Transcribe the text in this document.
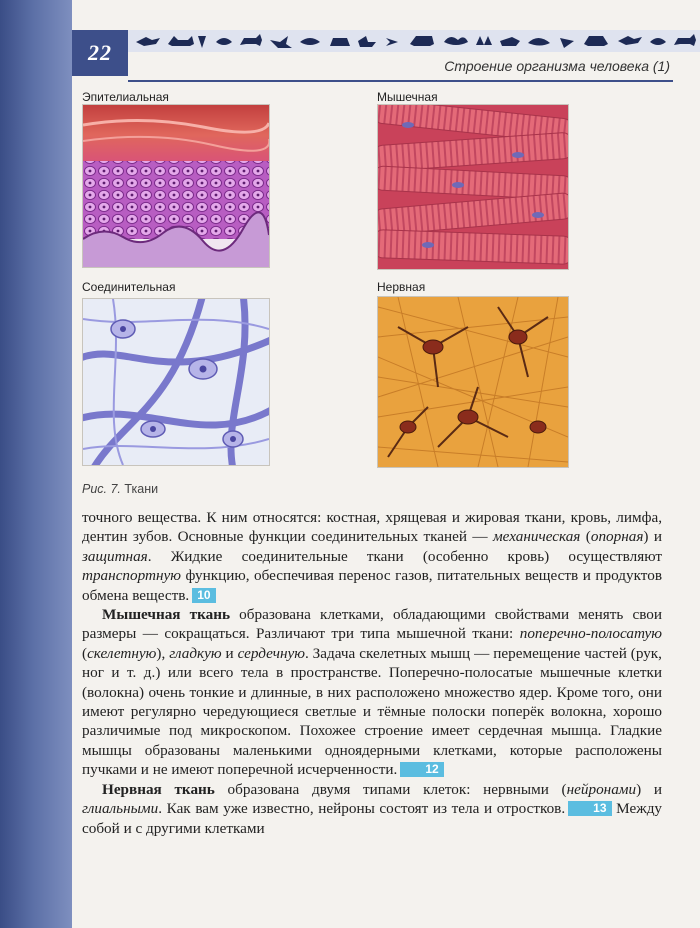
22
Строение организма человека (1)
Эпителиальная	Мышечная
Соединительная	Нервная
Рис. 7. Ткани

точного вещества. К ним относятся: костная, хрящевая и жировая ткани, кровь, лимфа, дентин зубов. Основные функции соединительных тканей — механическая (опорная) и защитная. Жидкие соединительные ткани (особенно кровь) осуществляют транспортную функцию, обеспечивая перенос газов, питательных веществ и продуктов обмена веществ. 10

Мышечная ткань образована клетками, обладающими свойствами менять свои размеры — сокращаться. Различают три типа мышечной ткани: поперечно-полосатую (скелетную), гладкую и сердечную. Задача скелетных мышц — перемещение частей (рук, ног и т. д.) или всего тела в пространстве. Поперечно-полосатые мышечные клетки (волокна) очень тонкие и длинные, в них расположено множество ядер. Кроме того, они имеют регулярно чередующиеся светлые и тёмные полоски поперёк волокна, хорошо различимые под микроскопом. Похожее строение имеет сердечная мышца. Гладкие мышцы образованы маленькими одноядерными клетками, которые расположены пучками и не имеют поперечной исчерченности. 12

Нервная ткань образована двумя типами клеток: нервными (нейронами) и глиальными. Как вам уже известно, нейроны состоят из тела и отростков. 13 Между собой и с другими клетками
